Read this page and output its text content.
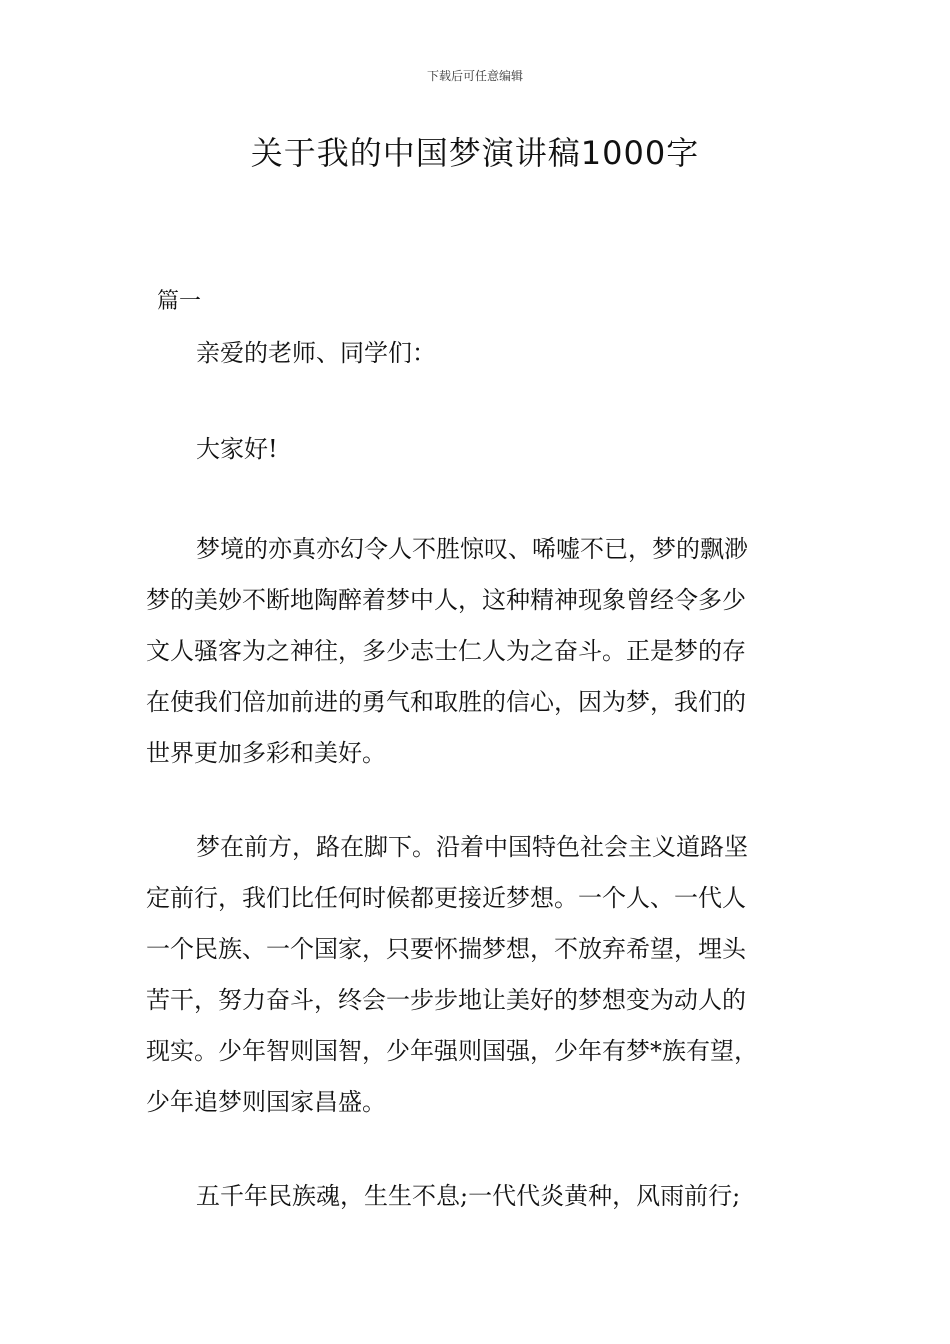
下载后可任意编辑
关于我的中国梦演讲稿1000字
篇一
亲爱的老师、同学们：
大家好!
梦境的亦真亦幻令人不胜惊叹、唏嘘不已，梦的飘渺
梦的美妙不断地陶醉着梦中人，这种精神现象曾经令多少
文人骚客为之神往，多少志士仁人为之奋斗。正是梦的存
在使我们倍加前进的勇气和取胜的信心，因为梦，我们的
世界更加多彩和美好。
梦在前方，路在脚下。沿着中国特色社会主义道路坚
定前行，我们比任何时候都更接近梦想。一个人、一代人
一个民族、一个国家，只要怀揣梦想，不放弃希望，埋头
苦干，努力奋斗，终会一步步地让美好的梦想变为动人的
现实。少年智则国智，少年强则国强，少年有梦*族有望，
少年追梦则国家昌盛。
五千年民族魂，生生不息;一代代炎黄种，风雨前行;
